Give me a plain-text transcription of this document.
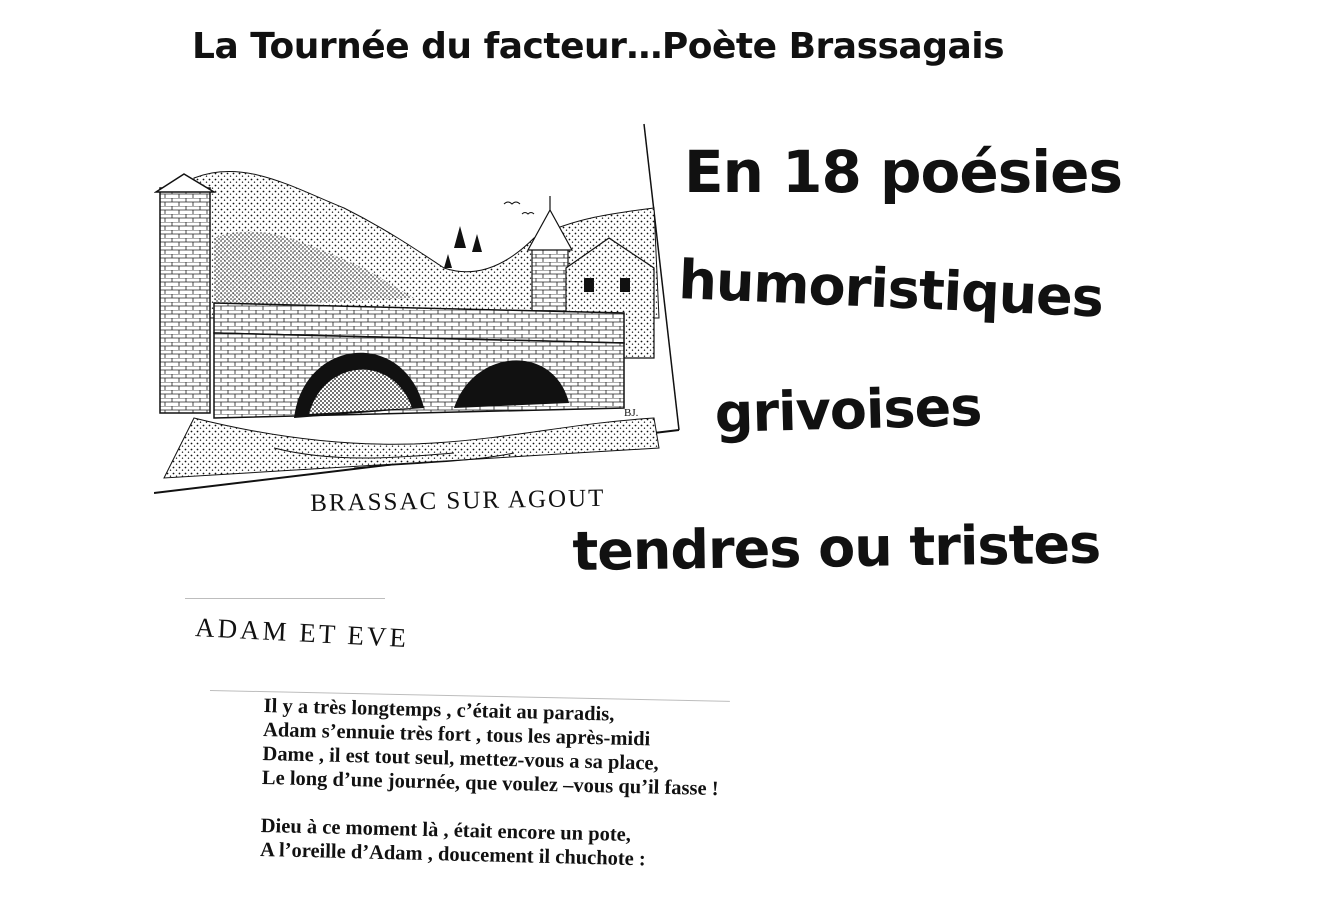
La Tournée du facteur…Poète Brassagais
BJ.
BRASSAC SUR AGOUT
En 18 poésies
humoristiques
grivoises
tendres ou tristes
ADAM ET EVE
Il y a très longtemps , c’était au paradis,
Adam s’ennuie très fort , tous les après-midi
Dame , il est tout seul, mettez-vous a sa place,
Le long d’une journée, que voulez –vous qu’il fasse !
Dieu à ce moment là , était encore un pote,
A l’oreille d’Adam , doucement il chuchote :
